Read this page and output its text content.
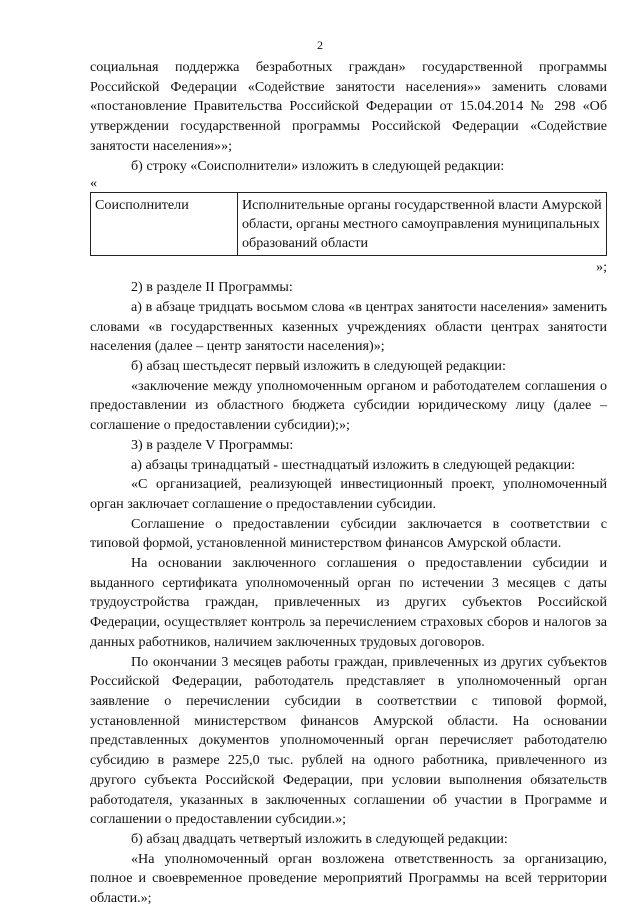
2

социальная поддержка безработных граждан» государственной программы Российской Федерации «Содействие занятости населения»» заменить словами «постановление Правительства Российской Федерации от 15.04.2014 № 298 «Об утверждении государственной программы Российской Федерации «Содействие занятости населения»»;

б) строку «Соисполнители» изложить в следующей редакции:

«

Соисполнители	Исполнительные органы государственной власти Амурской области, органы местного самоуправления муниципальных образований области

»;

2) в разделе II Программы:

а) в абзаце тридцать восьмом слова «в центрах занятости населения» заменить словами «в государственных казенных учреждениях области центрах занятости населения (далее – центр занятости населения)»;

б) абзац шестьдесят первый изложить в следующей редакции:

«заключение между уполномоченным органом и работодателем соглашения о предоставлении из областного бюджета субсидии юридическому лицу (далее – соглашение о предоставлении субсидии);»;

3) в разделе V Программы:

а) абзацы тринадцатый - шестнадцатый изложить в следующей редакции:

«С организацией, реализующей инвестиционный проект, уполномоченный орган заключает соглашение о предоставлении субсидии.

Соглашение о предоставлении субсидии заключается в соответствии с типовой формой, установленной министерством финансов Амурской области.

На основании заключенного соглашения о предоставлении субсидии и выданного сертификата уполномоченный орган по истечении 3 месяцев с даты трудоустройства граждан, привлеченных из других субъектов Российской Федерации, осуществляет контроль за перечислением страховых сборов и налогов за данных работников, наличием заключенных трудовых договоров.

По окончании 3 месяцев работы граждан, привлеченных из других субъектов Российской Федерации, работодатель представляет в уполномоченный орган заявление о перечислении субсидии в соответствии с типовой формой, установленной министерством финансов Амурской области. На основании представленных документов уполномоченный орган перечисляет работодателю субсидию в размере 225,0 тыс. рублей на одного работника, привлеченного из другого субъекта Российской Федерации, при условии выполнения обязательств работодателя, указанных в заключенных соглашении об участии в Программе и соглашении о предоставлении субсидии.»;

б) абзац двадцать четвертый изложить в следующей редакции:

«На уполномоченный орган возложена ответственность за организацию, полное и своевременное проведение мероприятий Программы на всей территории области.»;
